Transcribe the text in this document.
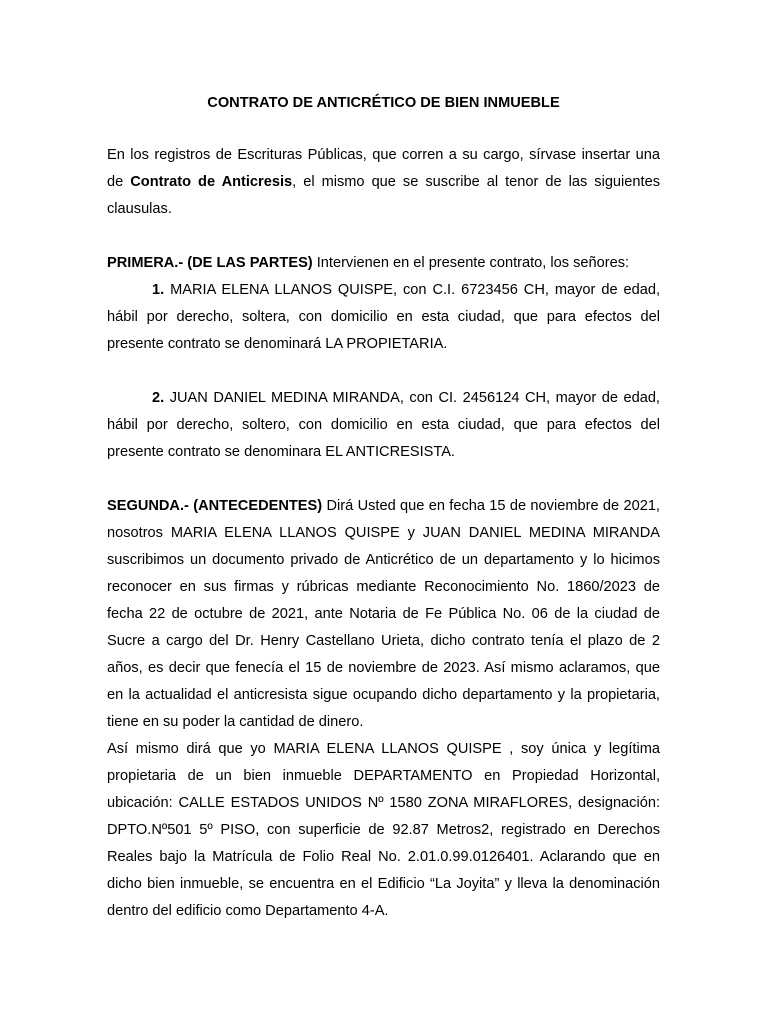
CONTRATO DE ANTICRÉTICO DE BIEN INMUEBLE

En los registros de Escrituras Públicas, que corren a su cargo, sírvase insertar una de Contrato de Anticresis, el mismo que se suscribe al tenor de las siguientes clausulas.

PRIMERA.- (DE LAS PARTES) Intervienen en el presente contrato, los señores:

1. MARIA ELENA LLANOS QUISPE, con C.I. 6723456 CH, mayor de edad, hábil por derecho, soltera, con domicilio en esta ciudad, que para efectos del presente contrato se denominará LA PROPIETARIA.

2. JUAN DANIEL MEDINA MIRANDA, con CI. 2456124 CH, mayor de edad, hábil por derecho, soltero, con domicilio en esta ciudad, que para efectos del presente contrato se denominara EL ANTICRESISTA.

SEGUNDA.- (ANTECEDENTES) Dirá Usted que en fecha 15 de noviembre de 2021, nosotros MARIA ELENA LLANOS QUISPE y JUAN DANIEL MEDINA MIRANDA suscribimos un documento privado de Anticrético de un departamento y lo hicimos reconocer en sus firmas y rúbricas mediante Reconocimiento No. 1860/2023 de fecha 22 de octubre de 2021, ante Notaria de Fe Pública No. 06 de la ciudad de Sucre a cargo del Dr. Henry Castellano Urieta, dicho contrato tenía el plazo de 2 años, es decir que fenecía el 15 de noviembre de 2023. Así mismo aclaramos, que en la actualidad el anticresista sigue ocupando dicho departamento y la propietaria, tiene en su poder la cantidad de dinero.

Así mismo dirá que yo MARIA ELENA LLANOS QUISPE , soy única y legítima propietaria de un bien inmueble DEPARTAMENTO en Propiedad Horizontal, ubicación: CALLE ESTADOS UNIDOS Nº 1580 ZONA MIRAFLORES, designación: DPTO.Nº501 5º PISO, con superficie de 92.87 Metros2, registrado en Derechos Reales bajo la Matrícula de Folio Real No. 2.01.0.99.0126401. Aclarando que en dicho bien inmueble, se encuentra en el Edificio “La Joyita” y lleva la denominación dentro del edificio como Departamento 4-A.
